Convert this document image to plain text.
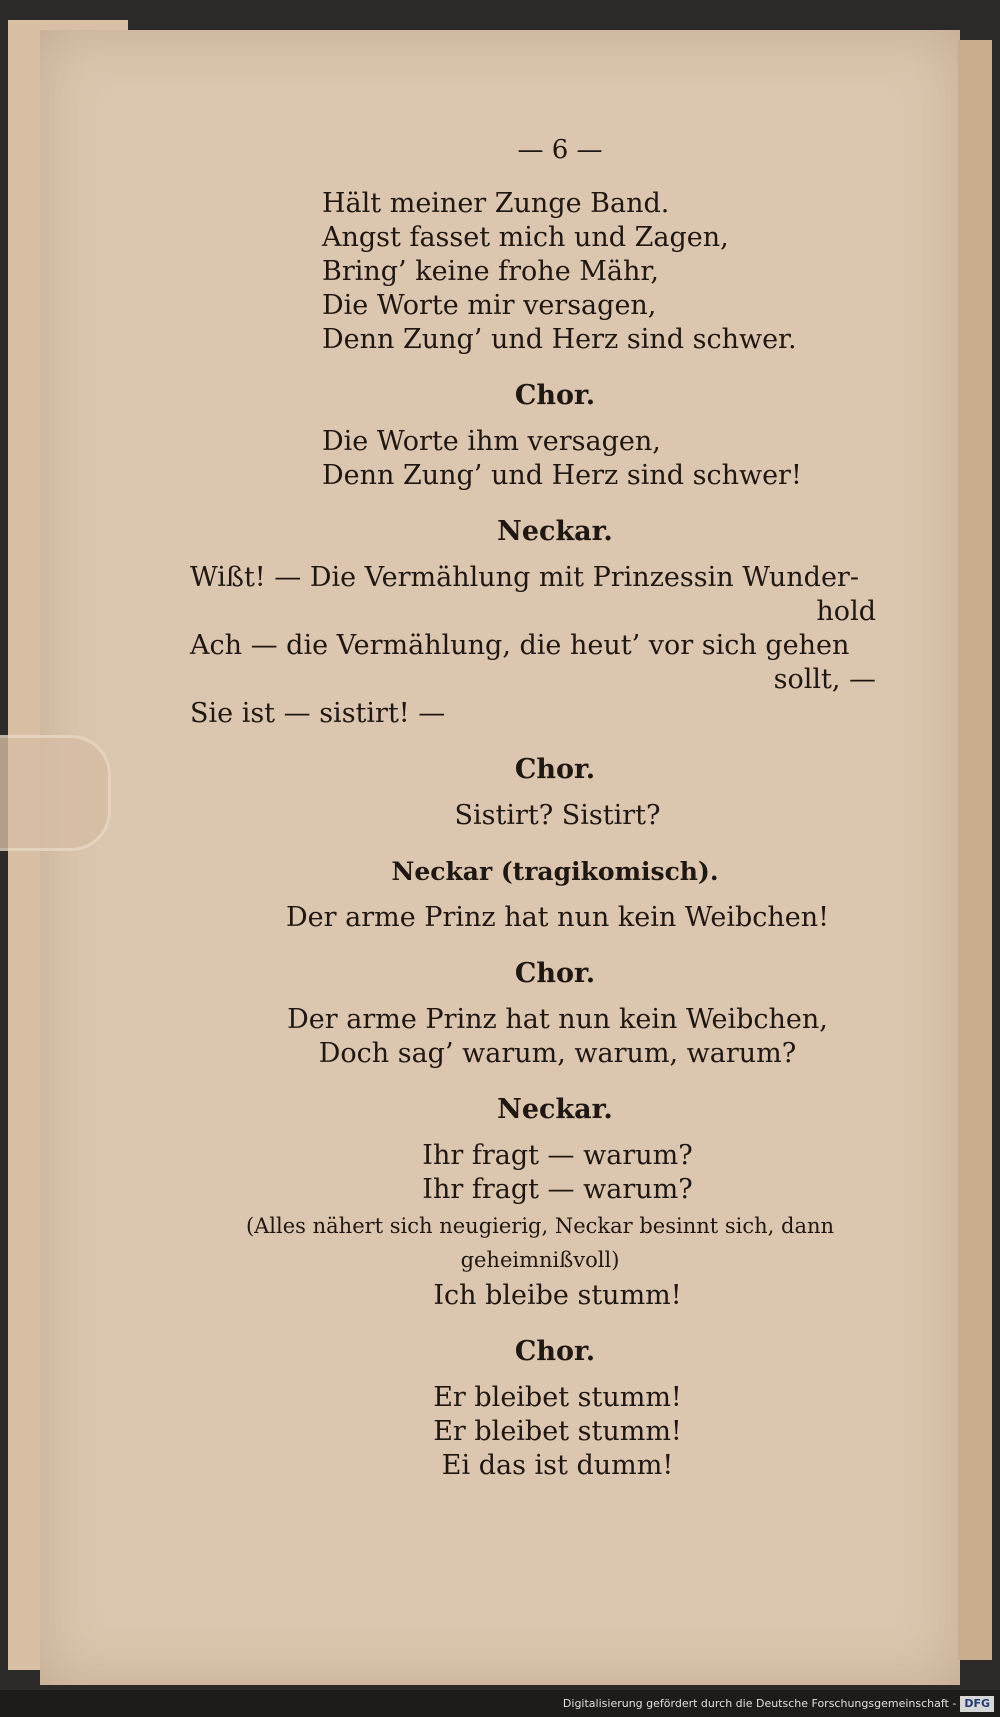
— 6 —

Hält meiner Zunge Band.

Angst fasset mich und Zagen,

Bring’ keine frohe Mähr,

Die Worte mir versagen,

Denn Zung’ und Herz sind schwer.

Chor.

Die Worte ihm versagen,

Denn Zung’ und Herz sind schwer!

Neckar.

Wißt! — Die Vermählung mit Prinzessin Wunder-

hold

Ach — die Vermählung, die heut’ vor sich gehen

sollt, —

Sie ist — sistirt! —

Chor.

Sistirt? Sistirt?

Neckar (tragikomisch).

Der arme Prinz hat nun kein Weibchen!

Chor.

Der arme Prinz hat nun kein Weibchen,

Doch sag’ warum, warum, warum?

Neckar.

Ihr fragt — warum?

Ihr fragt — warum?

(Alles nähert sich neugierig, Neckar besinnt sich, dann

geheimnißvoll)

Ich bleibe stumm!

Chor.

Er bleibet stumm!

Er bleibet stumm!

Ei das ist dumm!

Digitalisierung gefördert durch die Deutsche Forschungsgemeinschaft - DFG
